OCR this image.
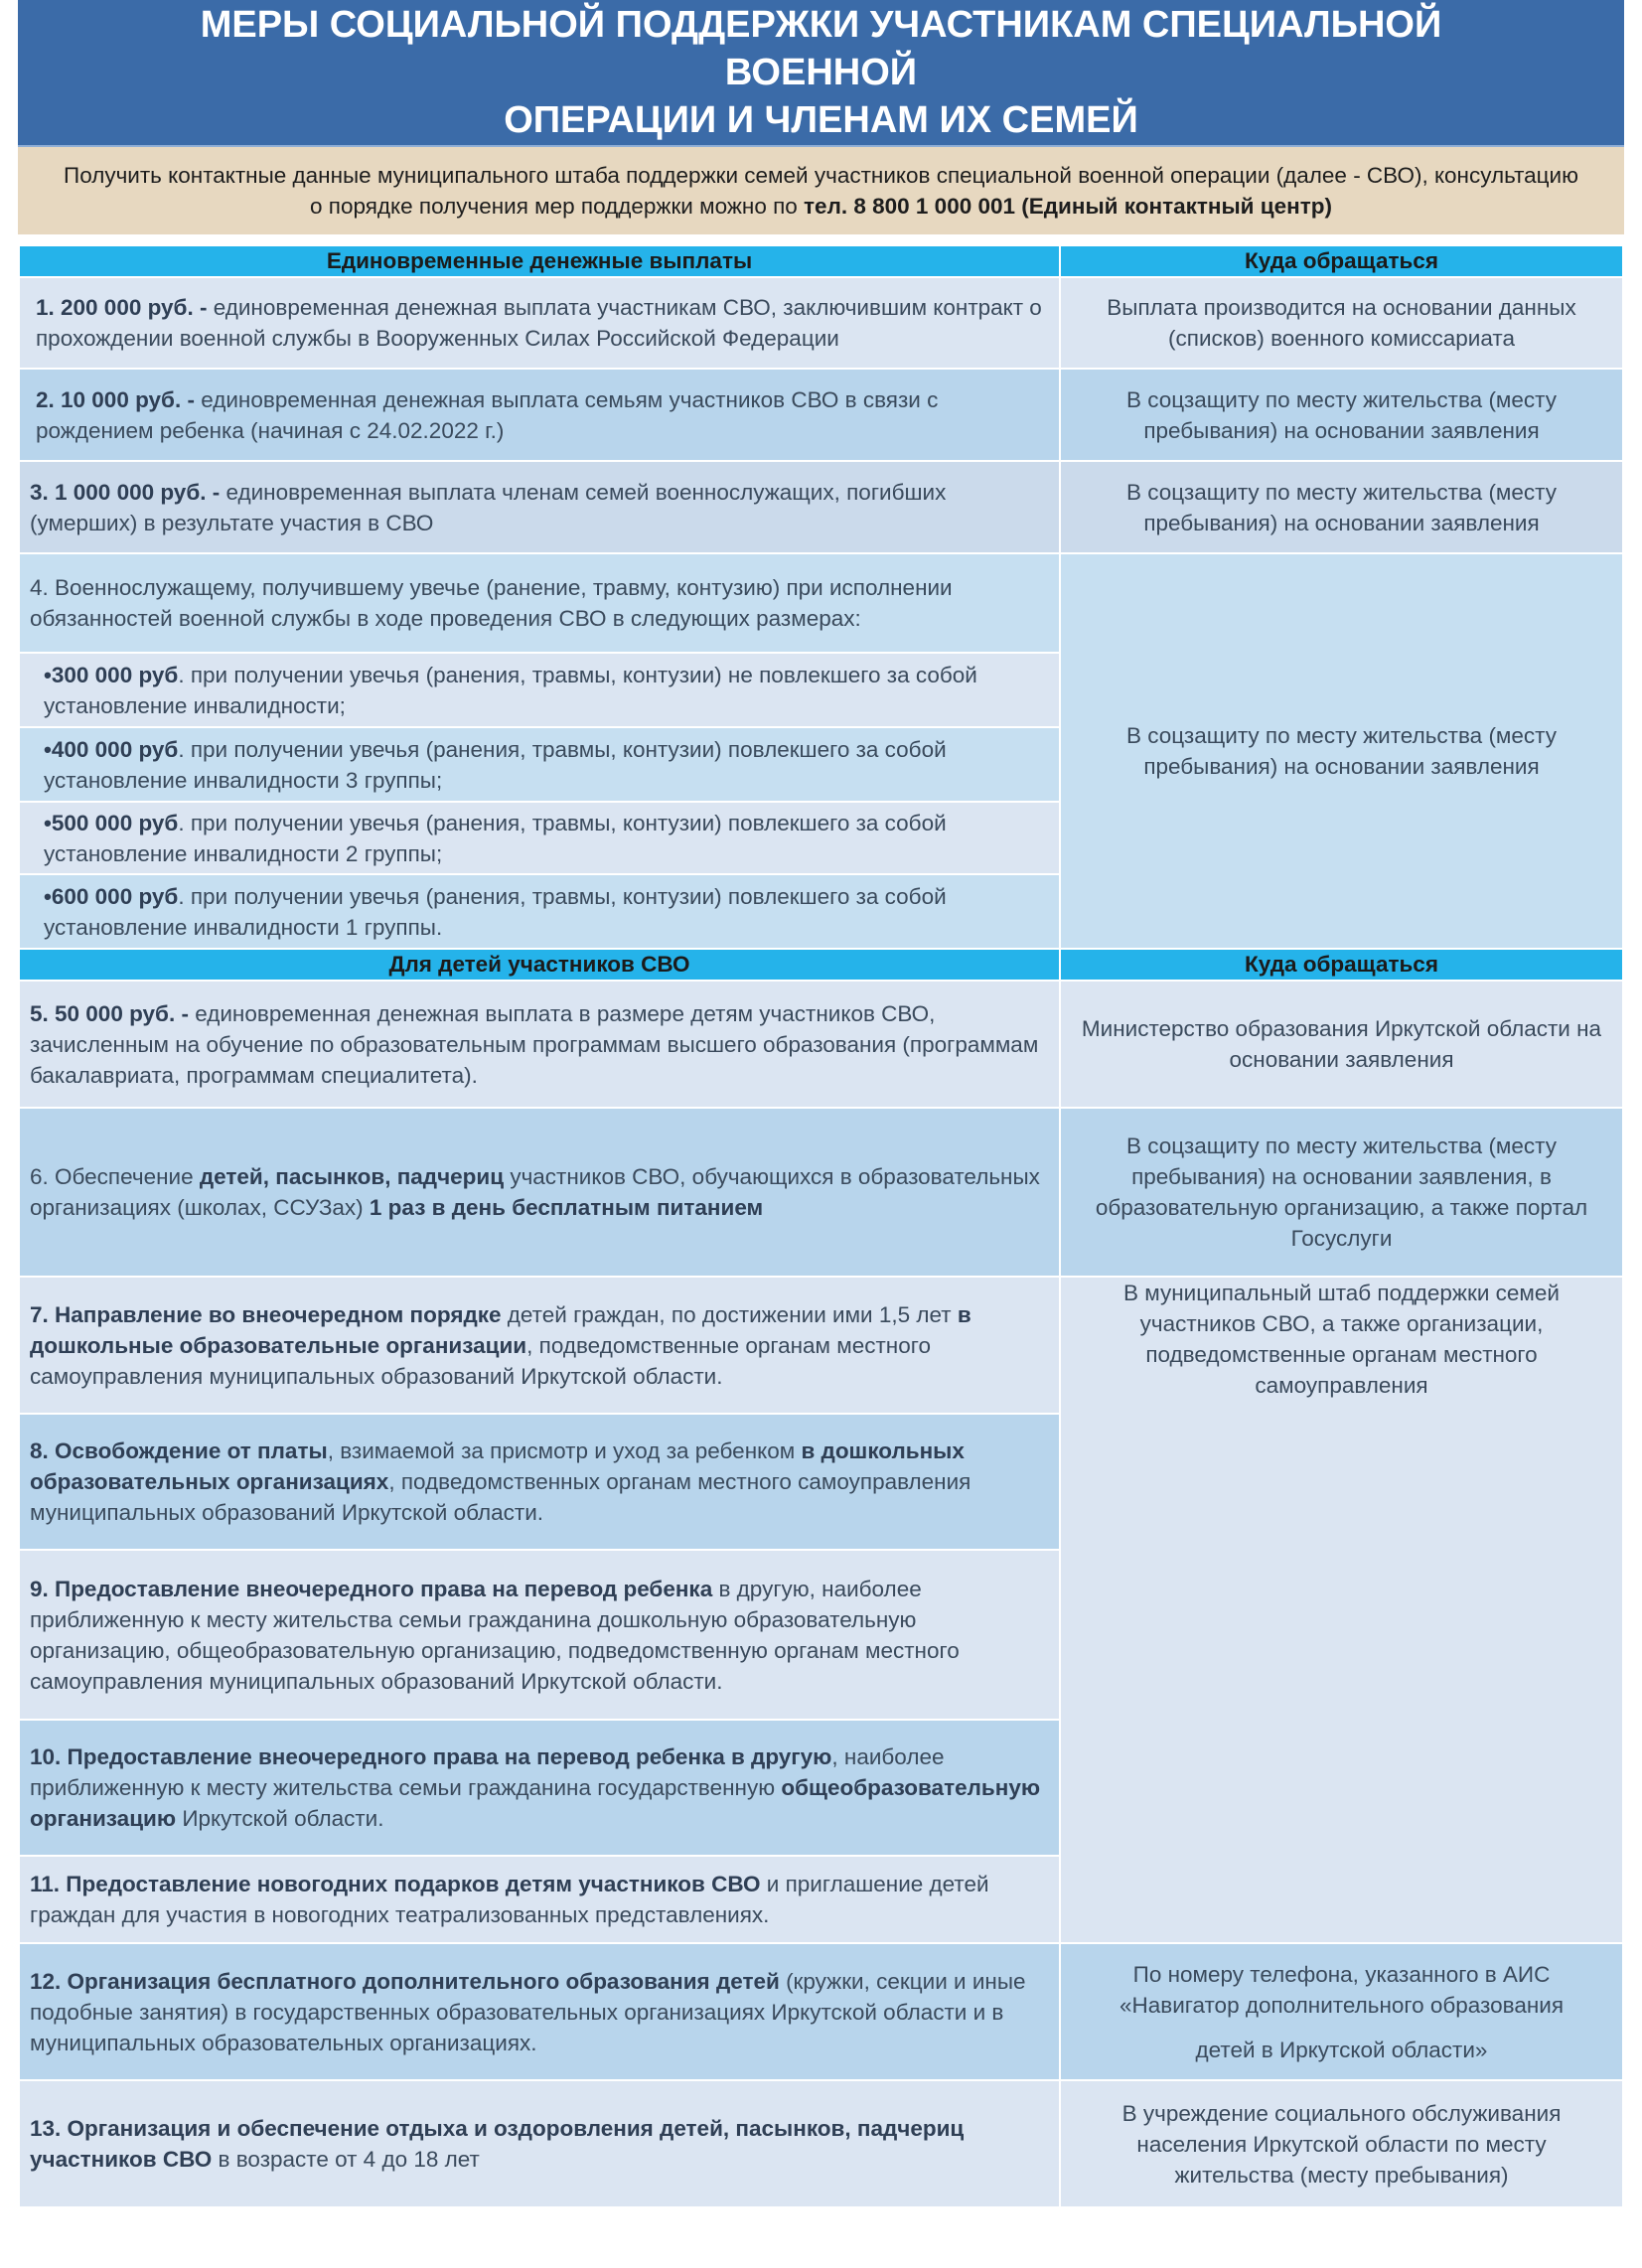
МЕРЫ СОЦИАЛЬНОЙ ПОДДЕРЖКИ УЧАСТНИКАМ СПЕЦИАЛЬНОЙ ВОЕННОЙ
ОПЕРАЦИИ И ЧЛЕНАМ ИХ СЕМЕЙ
Получить контактные данные муниципального штаба поддержки семей участников специальной военной операции (далее - СВО), консультацию
о порядке получения мер поддержки можно по тел. 8 800 1 000 001 (Единый контактный центр)
Единовременные денежные выплаты	Куда обращаться
1. 200 000 руб. - единовременная денежная выплата участникам СВО, заключившим контракт о прохождении военной службы в Вооруженных Силах Российской Федерации	Выплата производится на основании данных (списков) военного комиссариата
2. 10 000 руб. - единовременная денежная выплата семьям участников СВО в связи с рождением ребенка (начиная с 24.02.2022 г.)	В соцзащиту по месту жительства (месту пребывания) на основании заявления
3. 1 000 000 руб. - единовременная выплата членам семей военнослужащих, погибших (умерших) в результате участия в СВО	В соцзащиту по месту жительства (месту пребывания) на основании заявления
4. Военнослужащему, получившему увечье (ранение, травму, контузию) при исполнении обязанностей военной службы в ходе проведения СВО в следующих размерах:	В соцзащиту по месту жительства (месту пребывания) на основании заявления
•300 000 руб. при получении увечья (ранения, травмы, контузии) не повлекшего за собой установление инвалидности;	
•400 000 руб. при получении увечья (ранения, травмы, контузии) повлекшего за собой установление инвалидности 3 группы;	
•500 000 руб. при получении увечья (ранения, травмы, контузии) повлекшего за собой установление инвалидности 2 группы;	
•600 000 руб. при получении увечья (ранения, травмы, контузии) повлекшего за собой установление инвалидности 1 группы.	
Для детей участников СВО	Куда обращаться
5. 50 000 руб. - единовременная денежная выплата в размере детям участников СВО, зачисленным на обучение по образовательным программам высшего образования (программам бакалавриата, программам специалитета).	Министерство образования Иркутской области на основании заявления
6. Обеспечение детей, пасынков, падчериц участников СВО, обучающихся в образовательных организациях (школах, ССУЗах) 1 раз в день бесплатным питанием	В соцзащиту по месту жительства (месту пребывания) на основании заявления, в образовательную организацию, а также портал Госуслуги
7. Направление во внеочередном порядке детей граждан, по достижении ими 1,5 лет в дошкольные образовательные организации, подведомственные органам местного самоуправления муниципальных образований Иркутской области.	В муниципальный штаб поддержки семей участников СВО, а также организации, подведомственные органам местного самоуправления
8. Освобождение от платы, взимаемой за присмотр и уход за ребенком в дошкольных образовательных организациях, подведомственных органам местного самоуправления муниципальных образований Иркутской области.	
9. Предоставление внеочередного права на перевод ребенка в другую, наиболее приближенную к месту жительства семьи гражданина дошкольную образовательную организацию, общеобразовательную организацию, подведомственную органам местного самоуправления муниципальных образований Иркутской области.	
10. Предоставление внеочередного права на перевод ребенка в другую, наиболее приближенную к месту жительства семьи гражданина государственную общеобразовательную организацию Иркутской области.	
11. Предоставление новогодних подарков детям участников СВО и приглашение детей граждан для участия в новогодних театрализованных представлениях.	
12. Организация бесплатного дополнительного образования детей (кружки, секции и иные подобные занятия) в государственных образовательных организациях Иркутской области и в муниципальных образовательных организациях.	По номеру телефона, указанного в АИС «Навигатор дополнительного образования
детей в Иркутской области»

13. Организация и обеспечение отдыха и оздоровления детей, пасынков, падчериц участников СВО в возрасте от 4 до 18 лет	В учреждение социального обслуживания населения Иркутской области по месту жительства (месту пребывания)
